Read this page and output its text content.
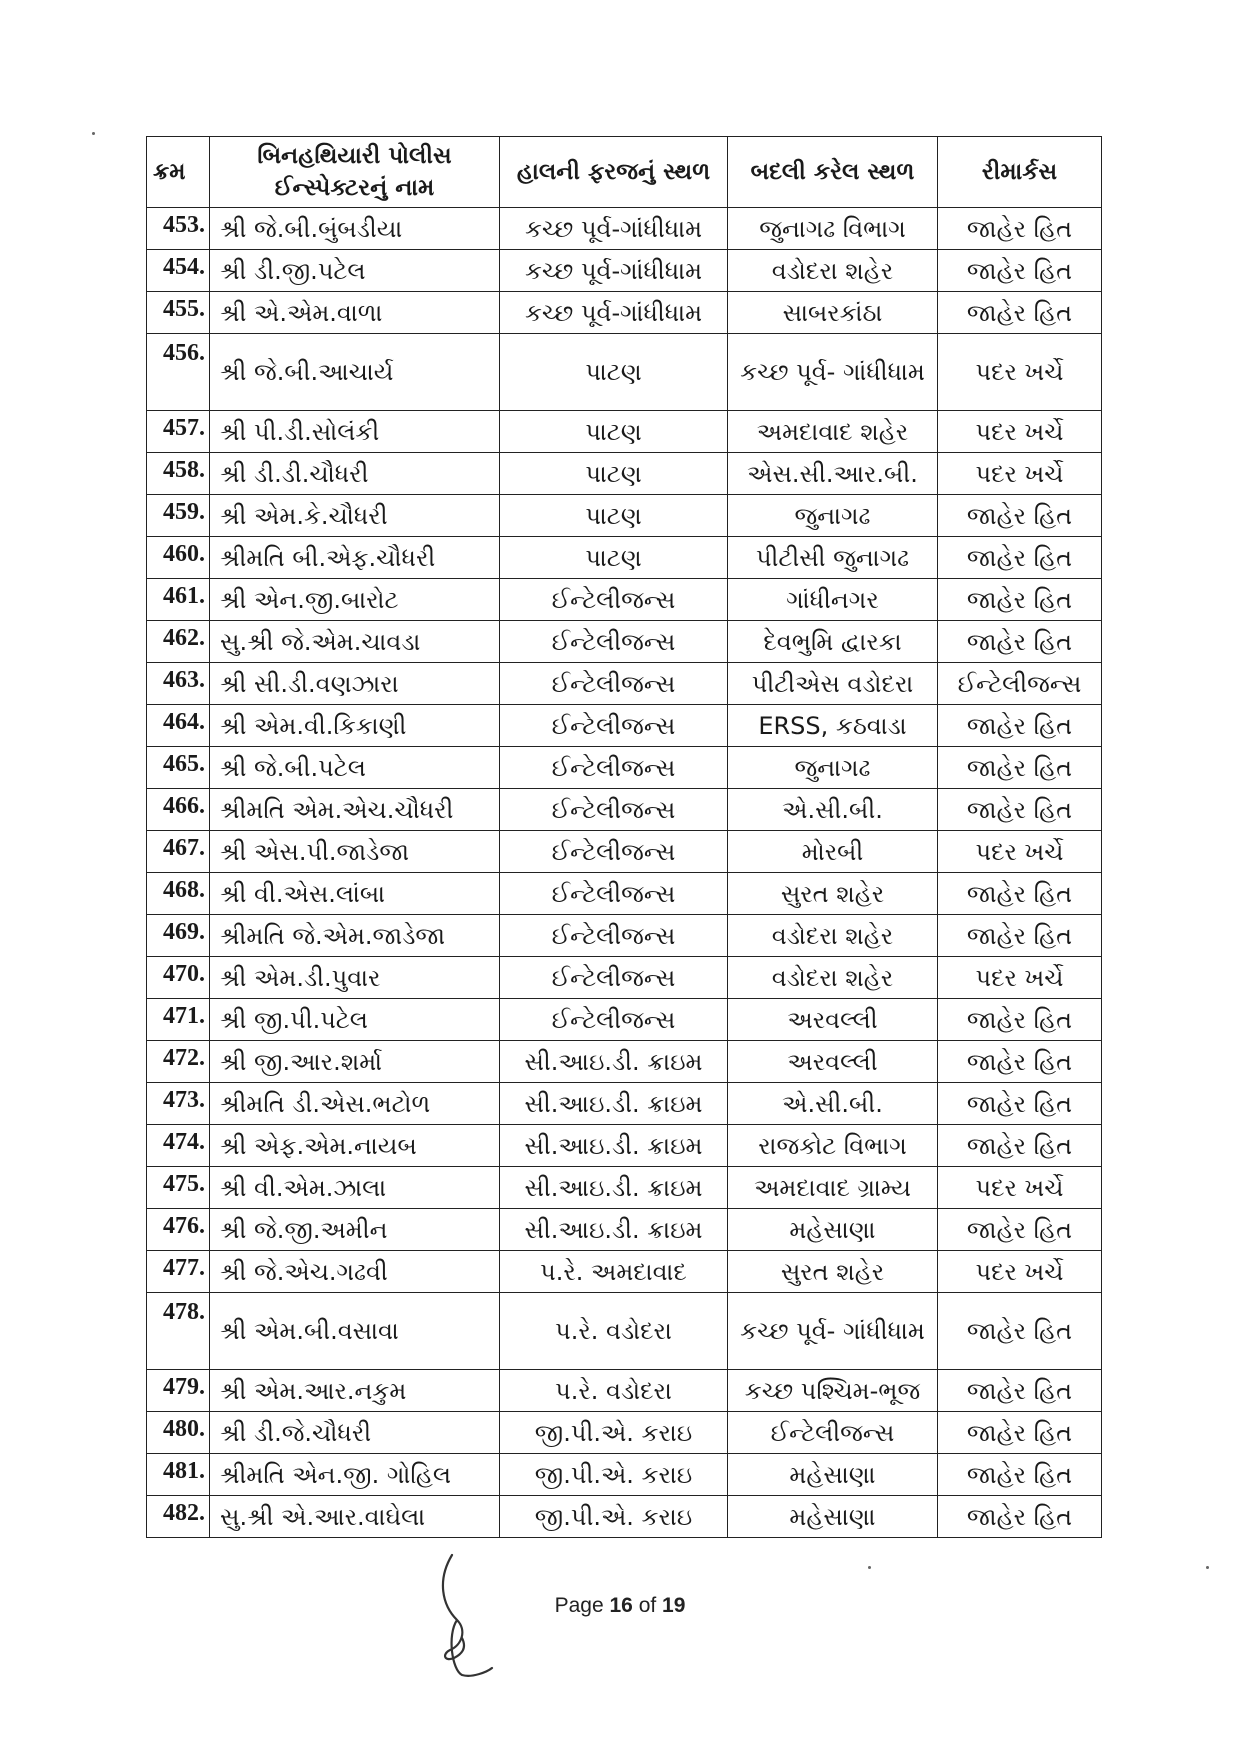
ક્રમ	બિનહથિયારી પોલીસ ઈન્સ્પેક્ટરનું નામ	હાલની ફરજનું સ્થળ	બદલી કરેલ સ્થળ	રીમાર્કસ
453.	શ્રી જે.બી.બુંબડીયા	કચ્છ પૂર્વ-ગાંધીધામ	જુનાગઢ વિભાગ	જાહેર હિત
454.	શ્રી ડી.જી.પટેલ	કચ્છ પૂર્વ-ગાંધીધામ	વડોદરા શહેર	જાહેર હિત
455.	શ્રી એ.એમ.વાળા	કચ્છ પૂર્વ-ગાંધીધામ	સાબરકાંઠા	જાહેર હિત
456.	શ્રી જે.બી.આચાર્ય	પાટણ	કચ્છ પૂર્વ- ગાંધીધામ	પદર ખર્ચે
457.	શ્રી પી.ડી.સોલંકી	પાટણ	અમદાવાદ શહેર	પદર ખર્ચે
458.	શ્રી ડી.ડી.ચૌધરી	પાટણ	એસ.સી.આર.બી.	પદર ખર્ચે
459.	શ્રી એમ.કે.ચૌધરી	પાટણ	જુનાગઢ	જાહેર હિત
460.	શ્રીમતિ બી.એફ.ચૌધરી	પાટણ	પીટીસી જુનાગઢ	જાહેર હિત
461.	શ્રી એન.જી.બારોટ	ઈન્ટેલીજન્સ	ગાંધીનગર	જાહેર હિત
462.	સુ.શ્રી જે.એમ.ચાવડા	ઈન્ટેલીજન્સ	દેવભુમિ દ્વારકા	જાહેર હિત
463.	શ્રી સી.ડી.વણઝારા	ઈન્ટેલીજન્સ	પીટીએસ વડોદરા	ઈન્ટેલીજન્સ
464.	શ્રી એમ.વી.કિકાણી	ઈન્ટેલીજન્સ	ERSS, કઠવાડા	જાહેર હિત
465.	શ્રી જે.બી.પટેલ	ઈન્ટેલીજન્સ	જુનાગઢ	જાહેર હિત
466.	શ્રીમતિ એમ.એચ.ચૌધરી	ઈન્ટેલીજન્સ	એ.સી.બી.	જાહેર હિત
467.	શ્રી એસ.પી.જાડેજા	ઈન્ટેલીજન્સ	મોરબી	પદર ખર્ચે
468.	શ્રી વી.એસ.લાંબા	ઈન્ટેલીજન્સ	સુરત શહેર	જાહેર હિત
469.	શ્રીમતિ જે.એમ.જાડેજા	ઈન્ટેલીજન્સ	વડોદરા શહેર	જાહેર હિત
470.	શ્રી એમ.ડી.પુવાર	ઈન્ટેલીજન્સ	વડોદરા શહેર	પદર ખર્ચે
471.	શ્રી જી.પી.પટેલ	ઈન્ટેલીજન્સ	અરવલ્લી	જાહેર હિત
472.	શ્રી જી.આર.શર્મા	સી.આઇ.ડી. ક્રાઇમ	અરવલ્લી	જાહેર હિત
473.	શ્રીમતિ ડી.એસ.ભટોળ	સી.આઇ.ડી. ક્રાઇમ	એ.સી.બી.	જાહેર હિત
474.	શ્રી એફ.એમ.નાયબ	સી.આઇ.ડી. ક્રાઇમ	રાજકોટ વિભાગ	જાહેર હિત
475.	શ્રી વી.એમ.ઝાલા	સી.આઇ.ડી. ક્રાઇમ	અમદાવાદ ગ્રામ્ય	પદર ખર્ચે
476.	શ્રી જે.જી.અમીન	સી.આઇ.ડી. ક્રાઇમ	મહેસાણા	જાહેર હિત
477.	શ્રી જે.એચ.ગઢવી	પ.રે. અમદાવાદ	સુરત શહેર	પદર ખર્ચે
478.	શ્રી એમ.બી.વસાવા	પ.રે. વડોદરા	કચ્છ પૂર્વ- ગાંધીધામ	જાહેર હિત
479.	શ્રી એમ.આર.નકુમ	પ.રે. વડોદરા	કચ્છ પશ્ચિમ-ભૂજ	જાહેર હિત
480.	શ્રી ડી.જે.ચૌધરી	જી.પી.એ. કરાઇ	ઈન્ટેલીજન્સ	જાહેર હિત
481.	શ્રીમતિ એન.જી. ગોહિલ	જી.પી.એ. કરાઇ	મહેસાણા	જાહેર હિત
482.	સુ.શ્રી એ.આર.વાઘેલા	જી.પી.એ. કરાઇ	મહેસાણા	જાહેર હિત
Page 16 of 19
